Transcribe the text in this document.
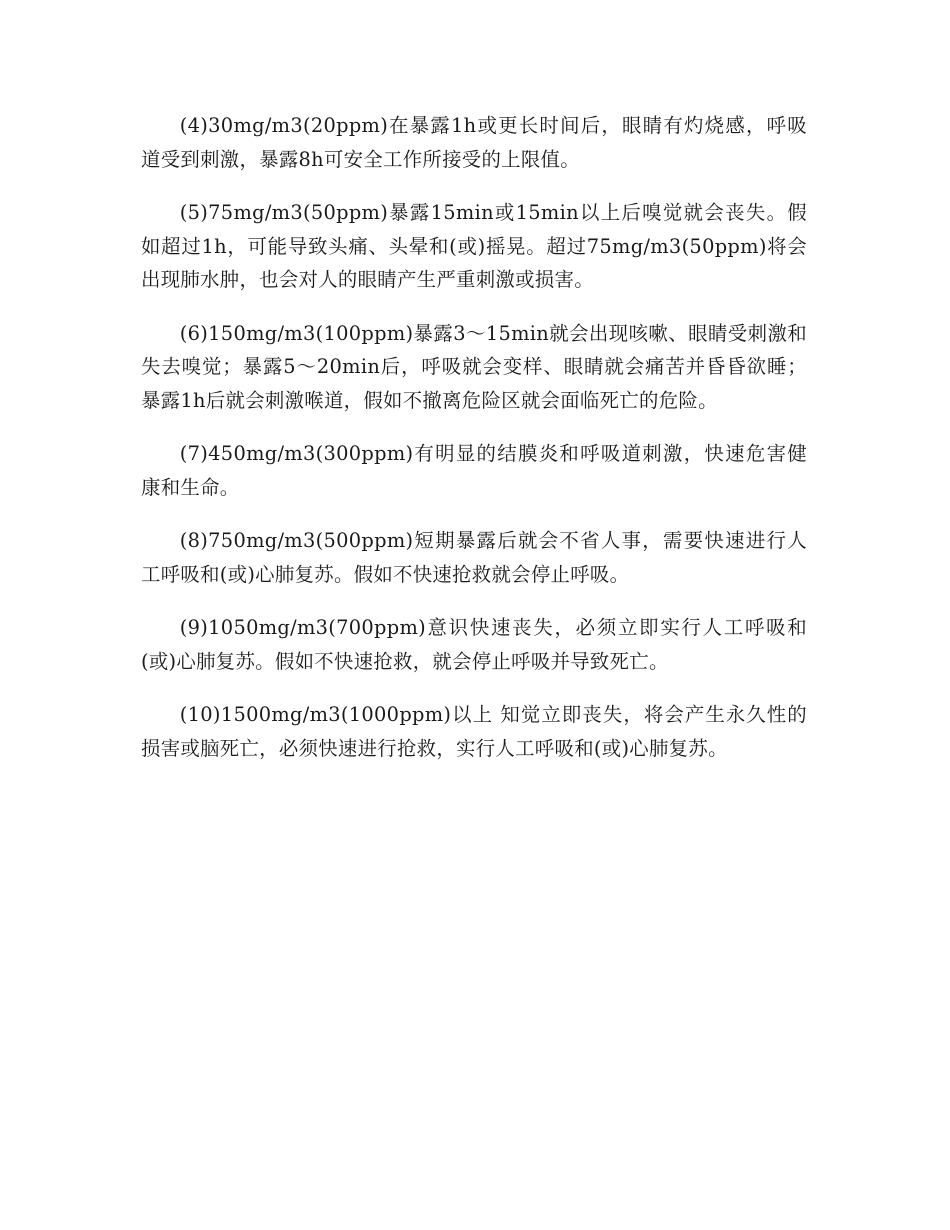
(4)30mg/m3(20ppm)在暴露1h或更长时间后，眼睛有灼烧感，呼吸道受到刺激，暴露8h可安全工作所接受的上限值。

(5)75mg/m3(50ppm)暴露15min或15min以上后嗅觉就会丧失。假如超过1h，可能导致头痛、头晕和(或)摇晃。超过75mg/m3(50ppm)将会出现肺水肿，也会对人的眼睛产生严重刺激或损害。

(6)150mg/m3(100ppm)暴露3～15min就会出现咳嗽、眼睛受刺激和失去嗅觉；暴露5～20min后，呼吸就会变样、眼睛就会痛苦并昏昏欲睡；暴露1h后就会刺激喉道，假如不撤离危险区就会面临死亡的危险。

(7)450mg/m3(300ppm)有明显的结膜炎和呼吸道刺激，快速危害健康和生命。

(8)750mg/m3(500ppm)短期暴露后就会不省人事，需要快速进行人工呼吸和(或)心肺复苏。假如不快速抢救就会停止呼吸。

(9)1050mg/m3(700ppm)意识快速丧失，必须立即实行人工呼吸和(或)心肺复苏。假如不快速抢救，就会停止呼吸并导致死亡。

(10)1500mg/m3(1000ppm)以上 知觉立即丧失，将会产生永久性的损害或脑死亡，必须快速进行抢救，实行人工呼吸和(或)心肺复苏。
